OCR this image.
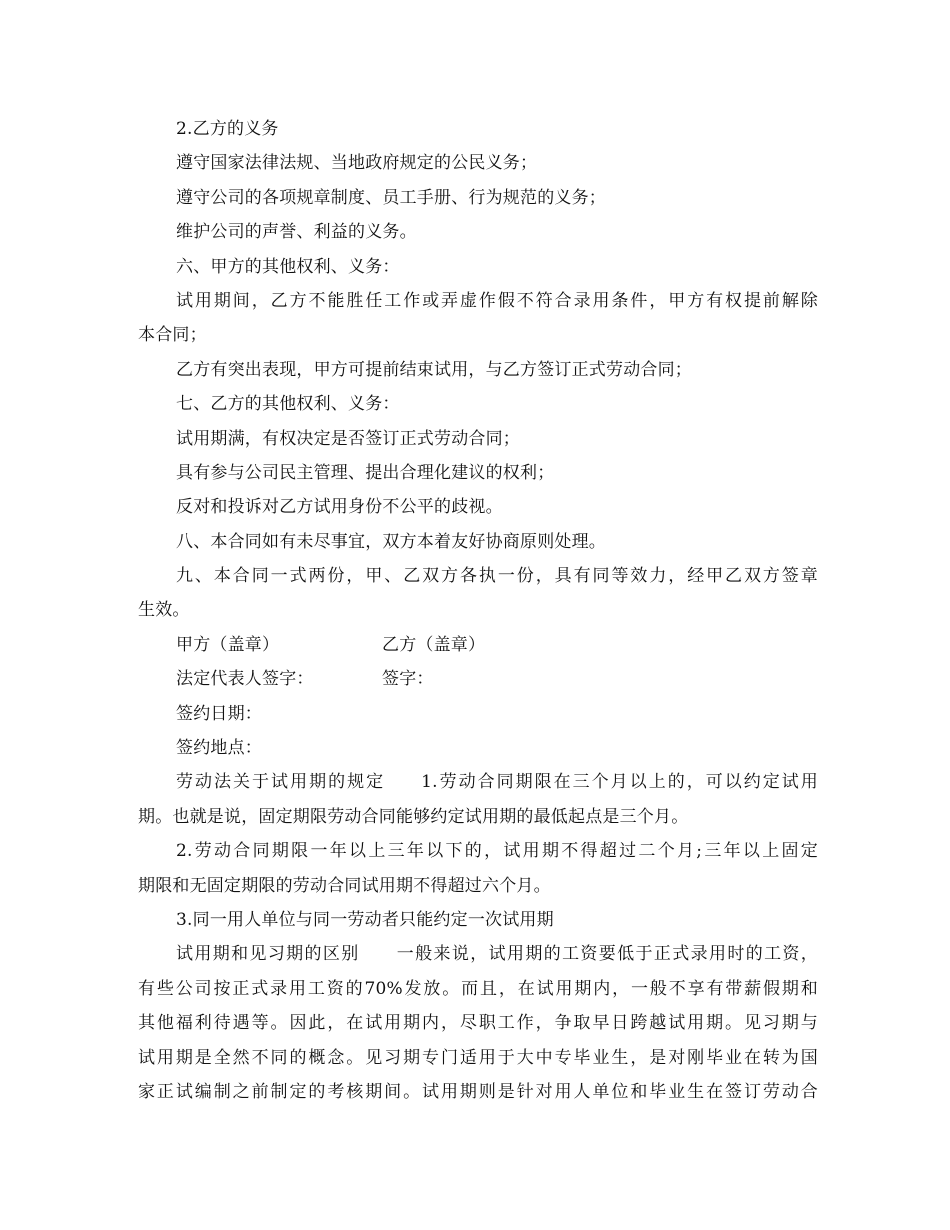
2.乙方的义务
遵守国家法律法规、当地政府规定的公民义务；
遵守公司的各项规章制度、员工手册、行为规范的义务；
维护公司的声誉、利益的义务。
六、甲方的其他权利、义务：
试用期间，乙方不能胜任工作或弄虚作假不符合录用条件，甲方有权提前解除
本合同；
乙方有突出表现，甲方可提前结束试用，与乙方签订正式劳动合同；
七、乙方的其他权利、义务：
试用期满，有权决定是否签订正式劳动合同；
具有参与公司民主管理、提出合理化建议的权利；
反对和投诉对乙方试用身份不公平的歧视。
八、本合同如有未尽事宜，双方本着友好协商原则处理。
九、本合同一式两份，甲、乙双方各执一份，具有同等效力，经甲乙双方签章
生效。
甲方（盖章）	乙方（盖章）
法定代表人签字：	签字：
签约日期：
签约地点：
劳动法关于试用期的规定 1.劳动合同期限在三个月以上的，可以约定试用
期。也就是说，固定期限劳动合同能够约定试用期的最低起点是三个月。
2.劳动合同期限一年以上三年以下的，试用期不得超过二个月;三年以上固定
期限和无固定期限的劳动合同试用期不得超过六个月。
3.同一用人单位与同一劳动者只能约定一次试用期
试用期和见习期的区别 一般来说，试用期的工资要低于正式录用时的工资，
有些公司按正式录用工资的70%发放。而且，在试用期内，一般不享有带薪假期和
其他福利待遇等。因此，在试用期内，尽职工作，争取早日跨越试用期。见习期与
试用期是全然不同的概念。见习期专门适用于大中专毕业生，是对刚毕业在转为国
家正试编制之前制定的考核期间。试用期则是针对用人单位和毕业生在签订劳动合
